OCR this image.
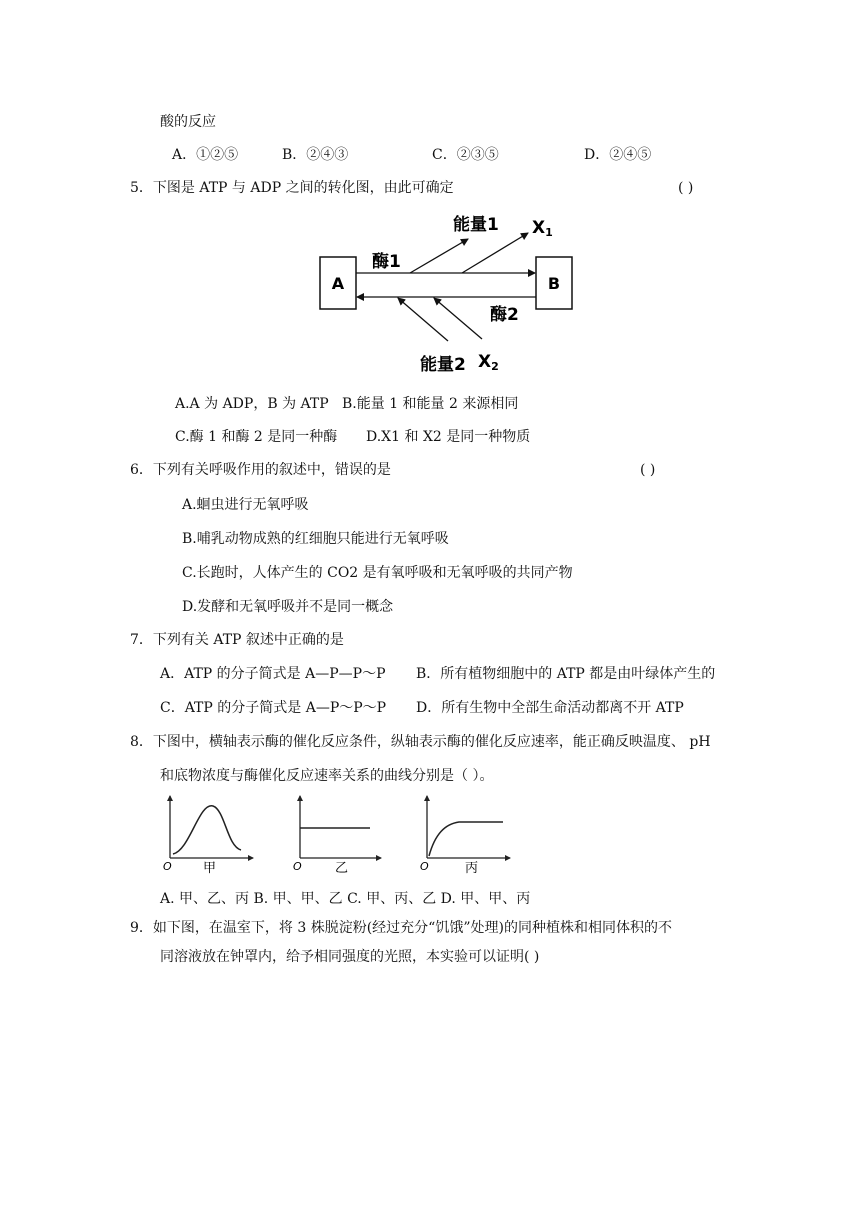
酸的反应
A．①②⑤	B．②④③	C．②③⑤	D．②④⑤
5．下图是 ATP 与 ADP 之间的转化图，由此可确定	( )
A	B
酶1
酶2
能量1
能量2
X1
X2
A.A 为 ADP，B 为 ATP B.能量 1 和能量 2 来源相同
C.酶 1 和酶 2 是同一种酶 D.X1 和 X2 是同一种物质
6．下列有关呼吸作用的叙述中，错误的是	( )
A.蛔虫进行无氧呼吸
B.哺乳动物成熟的红细胞只能进行无氧呼吸
C.长跑时，人体产生的 CO2 是有氧呼吸和无氧呼吸的共同产物
D.发酵和无氧呼吸并不是同一概念
7．下列有关 ATP 叙述中正确的是
A．ATP 的分子简式是 A—P—P～P B．所有植物细胞中的 ATP 都是由叶绿体产生的
C．ATP 的分子简式是 A—P～P～P D．所有生物中全部生命活动都离不开 ATP
8．下图中，横轴表示酶的催化反应条件，纵轴表示酶的催化反应速率，能正确反映温度、 pH
和底物浓度与酶催化反应速率关系的曲线分别是（ ）。
O 甲	O	乙	O	丙
A. 甲、乙、丙 B. 甲、甲、乙 C. 甲、丙、乙 D. 甲、甲、丙
9．如下图，在温室下，将 3 株脱淀粉(经过充分“饥饿”处理)的同种植株和相同体积的不
同溶液放在钟罩内，给予相同强度的光照，本实验可以证明( )
